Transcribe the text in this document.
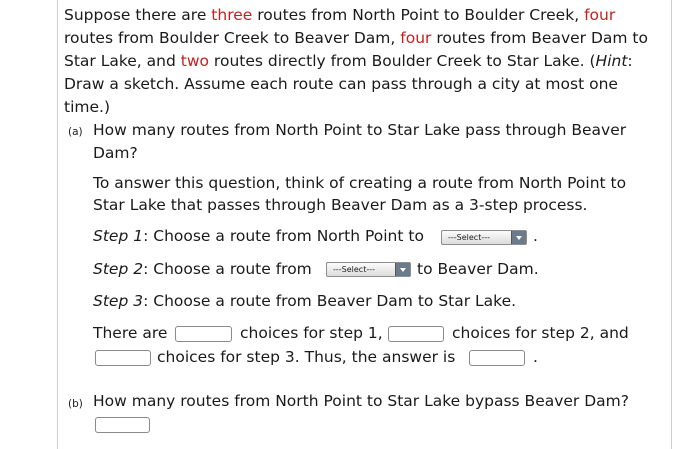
Suppose there are three routes from North Point to Boulder Creek, four routes from Boulder Creek to Beaver Dam, four routes from Beaver Dam to Star Lake, and two routes directly from Boulder Creek to Star Lake. (Hint: Draw a sketch. Assume each route can pass through a city at most one time.)
(a) How many routes from North Point to Star Lake pass through Beaver
Dam?
To answer this question, think of creating a route from North Point to
Star Lake that passes through Beaver Dam as a 3-step process.
Step 1: Choose a route from North Point to	---Select---	.
Step 2: Choose a route from	---Select---	to Beaver Dam.
Step 3: Choose a route from Beaver Dam to Star Lake.
There are	choices for step 1,	choices for step 2, and
choices for step 3. Thus, the answer is	.
(b) How many routes from North Point to Star Lake bypass Beaver Dam?
